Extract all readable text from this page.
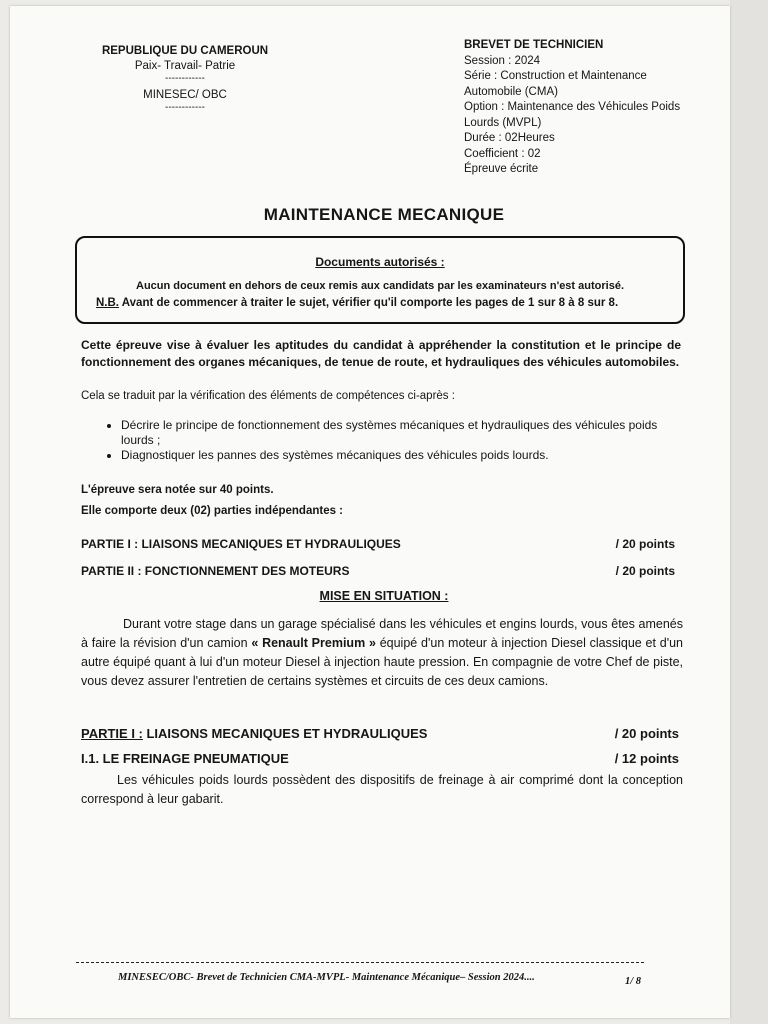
REPUBLIQUE DU CAMEROUN
Paix- Travail- Patrie
------------
MINESEC/ OBC
------------
BREVET DE TECHNICIEN
Session : 2024
Série : Construction et Maintenance
Automobile (CMA)
Option : Maintenance des Véhicules Poids
Lourds (MVPL)
Durée : 02Heures
Coefficient : 02
Épreuve écrite
MAINTENANCE MECANIQUE
Documents autorisés :
Aucun document en dehors de ceux remis aux candidats par les examinateurs n'est autorisé.
N.B. Avant de commencer à traiter le sujet, vérifier qu'il comporte les pages de 1 sur 8 à 8 sur 8.
Cette épreuve vise à évaluer les aptitudes du candidat à appréhender la constitution et le principe de fonctionnement des organes mécaniques, de tenue de route, et hydrauliques des véhicules automobiles.
Cela se traduit par la vérification des éléments de compétences ci-après :
• Décrire le principe de fonctionnement des systèmes mécaniques et hydrauliques des véhicules poids lourds ;
• Diagnostiquer les pannes des systèmes mécaniques des véhicules poids lourds.
L'épreuve sera notée sur 40 points.
Elle comporte deux (02) parties indépendantes :
PARTIE I : LIAISONS MECANIQUES ET HYDRAULIQUES	/ 20 points
PARTIE II : FONCTIONNEMENT DES MOTEURS	/ 20 points
MISE EN SITUATION :
Durant votre stage dans un garage spécialisé dans les véhicules et engins lourds, vous êtes amenés à faire la révision d'un camion « Renault Premium » équipé d'un moteur à injection Diesel classique et d'un autre équipé quant à lui d'un moteur Diesel à injection haute pression. En compagnie de votre Chef de piste, vous devez assurer l'entretien de certains systèmes et circuits de ces deux camions.
PARTIE I : LIAISONS MECANIQUES ET HYDRAULIQUES	/ 20 points
I.1. LE FREINAGE PNEUMATIQUE	/ 12 points
Les véhicules poids lourds possèdent des dispositifs de freinage à air comprimé dont la conception correspond à leur gabarit.
MINESEC/OBC- Brevet de Technicien CMA-MVPL- Maintenance Mécanique– Session 2024....	1/ 8
